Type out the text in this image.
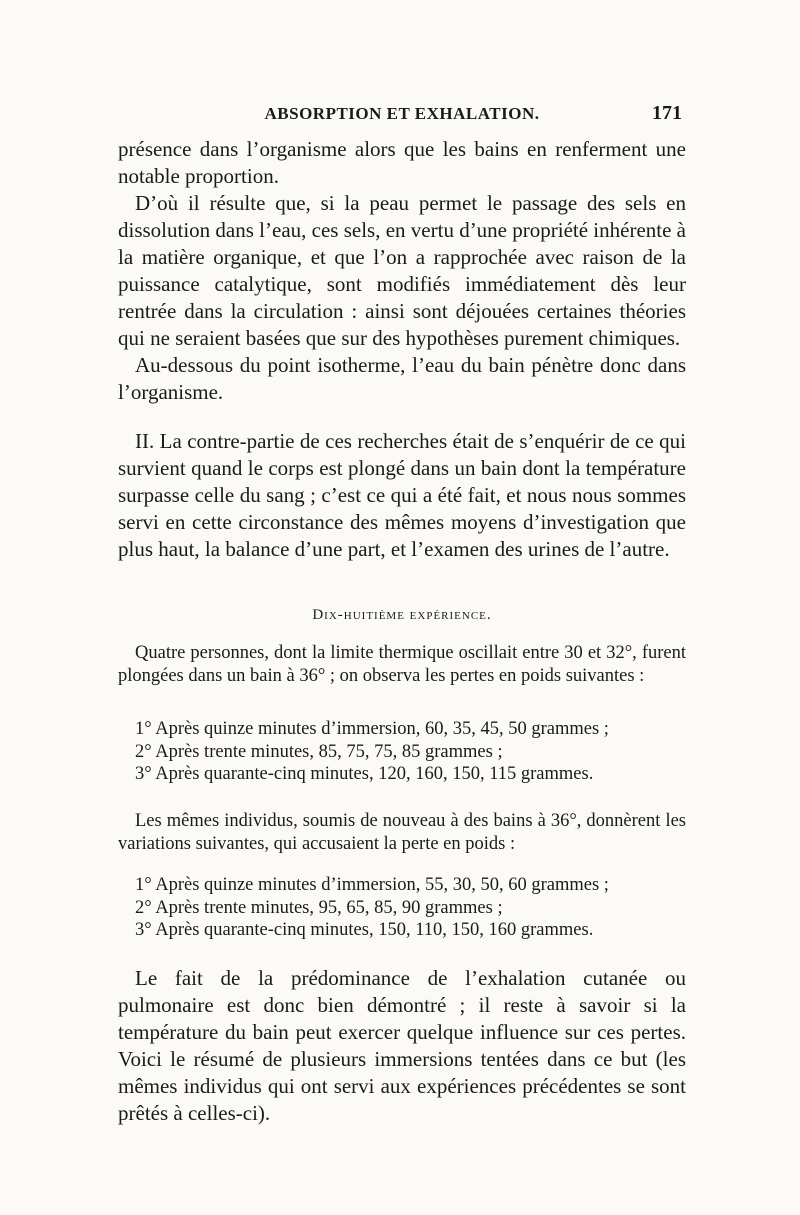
ABSORPTION ET EXHALATION.	171

présence dans l’organisme alors que les bains en renferment une notable proportion.

D’où il résulte que, si la peau permet le passage des sels en dissolution dans l’eau, ces sels, en vertu d’une propriété inhérente à la matière organique, et que l’on a rapprochée avec raison de la puissance catalytique, sont modifiés immédiatement dès leur rentrée dans la circulation : ainsi sont déjouées certaines théories qui ne seraient basées que sur des hypothèses purement chimiques.

Au-dessous du point isotherme, l’eau du bain pénètre donc dans l’organisme.

II. La contre-partie de ces recherches était de s’enquérir de ce qui survient quand le corps est plongé dans un bain dont la température surpasse celle du sang ; c’est ce qui a été fait, et nous nous sommes servi en cette circonstance des mêmes moyens d’investigation que plus haut, la balance d’une part, et l’examen des urines de l’autre.

Dix-huitième expérience.

Quatre personnes, dont la limite thermique oscillait entre 30 et 32°, furent plongées dans un bain à 36° ; on observa les pertes en poids suivantes :

1° Après quinze minutes d’immersion, 60, 35, 45, 50 grammes ;
2° Après trente minutes, 85, 75, 75, 85 grammes ;
3° Après quarante-cinq minutes, 120, 160, 150, 115 grammes.

Les mêmes individus, soumis de nouveau à des bains à 36°, donnèrent les variations suivantes, qui accusaient la perte en poids :

1° Après quinze minutes d’immersion, 55, 30, 50, 60 grammes ;
2° Après trente minutes, 95, 65, 85, 90 grammes ;
3° Après quarante-cinq minutes, 150, 110, 150, 160 grammes.

Le fait de la prédominance de l’exhalation cutanée ou pulmonaire est donc bien démontré ; il reste à savoir si la température du bain peut exercer quelque influence sur ces pertes. Voici le résumé de plusieurs immersions tentées dans ce but (les mêmes individus qui ont servi aux expériences précédentes se sont prêtés à celles-ci).
